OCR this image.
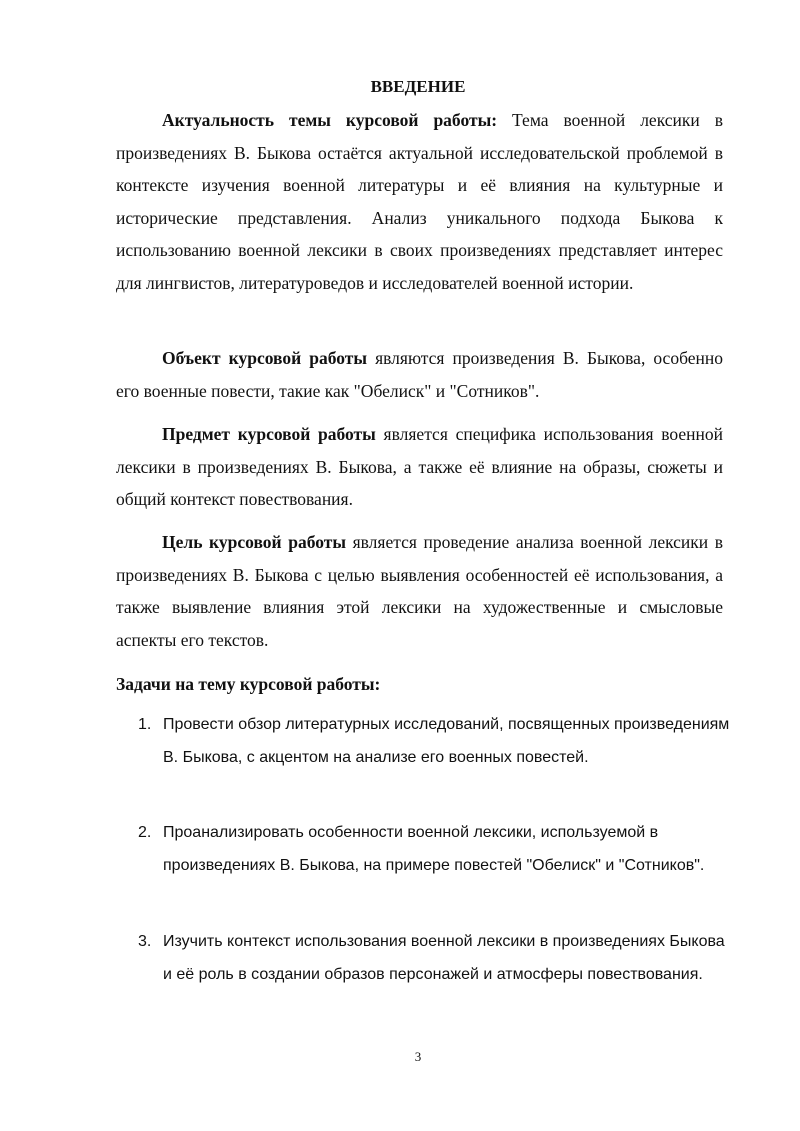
ВВЕДЕНИЕ

Актуальность темы курсовой работы: Тема военной лексики в произведениях В. Быкова остаётся актуальной исследовательской проблемой в контексте изучения военной литературы и её влияния на культурные и исторические представления. Анализ уникального подхода Быкова к использованию военной лексики в своих произведениях представляет интерес для лингвистов, литературоведов и исследователей военной истории.

Объект курсовой работы являются произведения В. Быкова, особенно его военные повести, такие как "Обелиск" и "Сотников".

Предмет курсовой работы является специфика использования военной лексики в произведениях В. Быкова, а также её влияние на образы, сюжеты и общий контекст повествования.

Цель курсовой работы является проведение анализа военной лексики в произведениях В. Быкова с целью выявления особенностей её использования, а также выявление влияния этой лексики на художественные и смысловые аспекты его текстов.

Задачи на тему курсовой работы:

1. Провести обзор литературных исследований, посвященных произведениям В. Быкова, с акцентом на анализе его военных повестей.
2. Проанализировать особенности военной лексики, используемой в произведениях В. Быкова, на примере повестей "Обелиск" и "Сотников".
3. Изучить контекст использования военной лексики в произведениях Быкова и её роль в создании образов персонажей и атмосферы повествования.
3
